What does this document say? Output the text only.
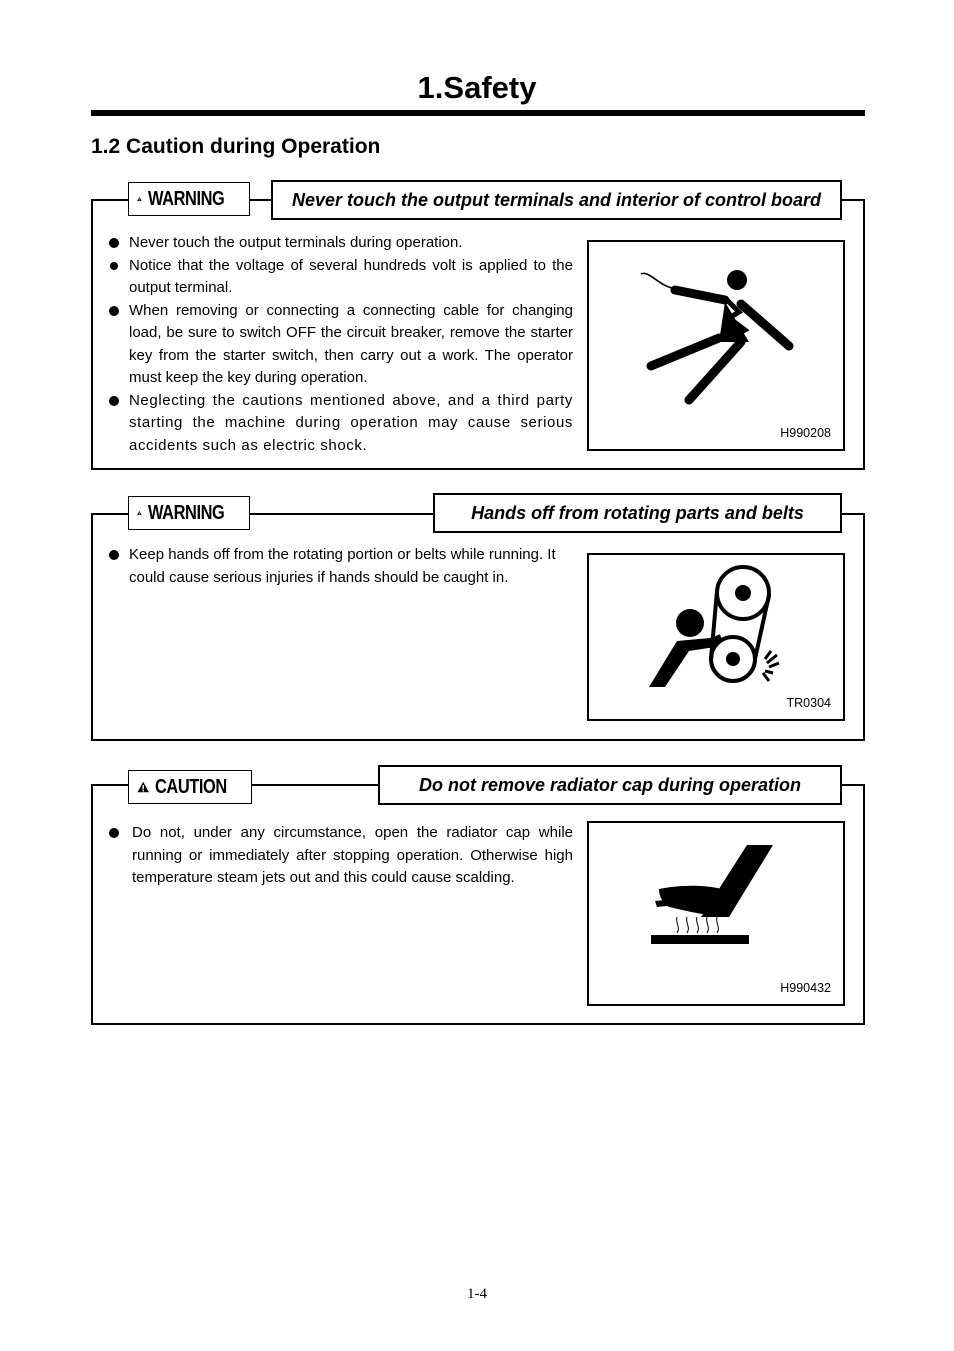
1.Safety
1.2 Caution during Operation
Never touch the output terminals during operation.
Notice that the voltage of several hundreds volt is applied to the output terminal.
When removing or connecting a connecting cable for changing load, be sure to switch OFF the circuit breaker, remove the starter key from the starter switch, then carry out a work. The operator must keep the key during operation.

Neglecting the cautions mentioned above, and a third party starting the machine during operation may cause serious accidents such as electric shock.

H990208
WARNING	Never touch the output terminals and interior of control board
Keep hands off from the rotating portion or belts while running. It could cause serious injuries if hands should be caught in.
TR0304
WARNING	Hands off from rotating parts and belts
Do not, under any circumstance, open the radiator cap while running or immediately after stopping operation. Otherwise high temperature steam jets out and this could cause scalding.
H990432
CAUTION	Do not remove radiator cap during operation
1-4
